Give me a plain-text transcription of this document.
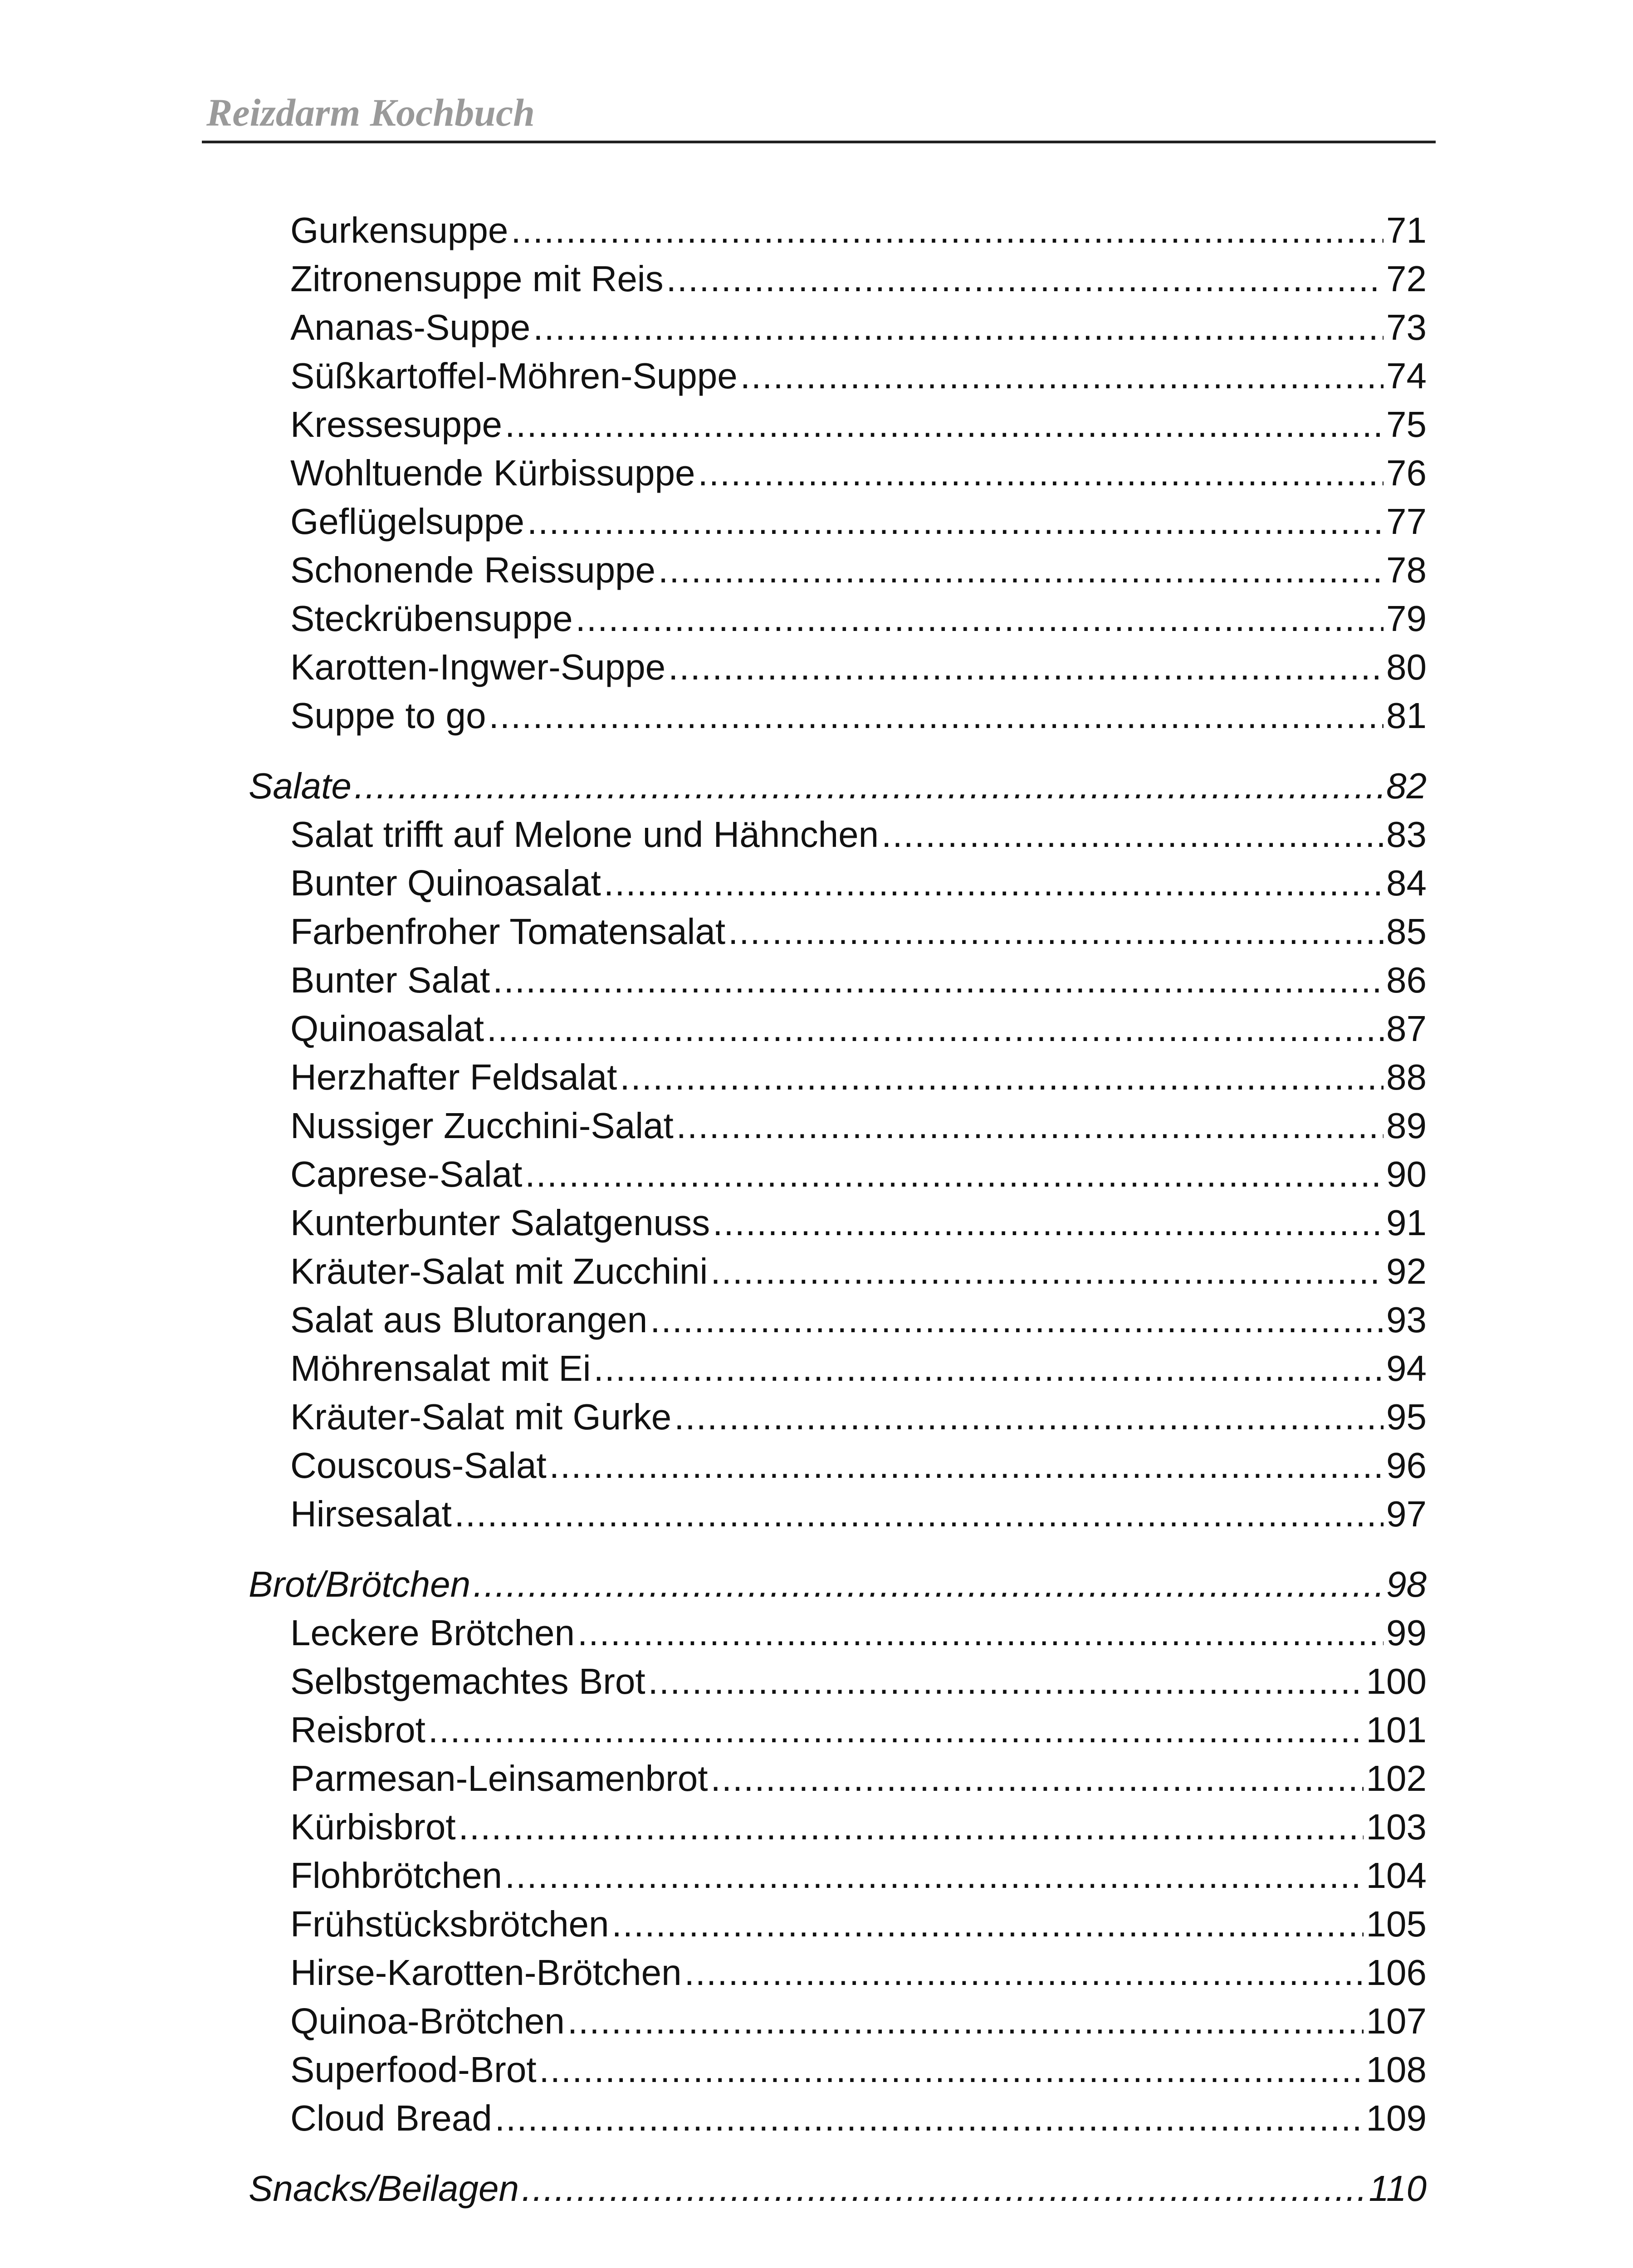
Reizdarm Kochbuch
Gurkensuppe .....	71
Zitronensuppe mit Reis .....	72
Ananas-Suppe .....	73
Süßkartoffel-Möhren-Suppe .....	74
Kressesuppe .....	75
Wohltuende Kürbissuppe .....	76
Geflügelsuppe .....	77
Schonende Reissuppe .....	78
Steckrübensuppe .....	79
Karotten-Ingwer-Suppe .....	80
Suppe to go .....	81
Salate .....	82
Salat trifft auf Melone und Hähnchen .....	83
Bunter Quinoasalat .....	84
Farbenfroher Tomatensalat .....	85
Bunter Salat .....	86
Quinoasalat .....	87
Herzhafter Feldsalat .....	88
Nussiger Zucchini-Salat .....	89
Caprese-Salat .....	90
Kunterbunter Salatgenuss .....	91
Kräuter-Salat mit Zucchini .....	92
Salat aus Blutorangen .....	93
Möhrensalat mit Ei .....	94
Kräuter-Salat mit Gurke .....	95
Couscous-Salat .....	96
Hirsesalat .....	97
Brot/Brötchen .....	98
Leckere Brötchen .....	99
Selbstgemachtes Brot .....	100
Reisbrot .....	101
Parmesan-Leinsamenbrot .....	102
Kürbisbrot .....	103
Flohbrötchen .....	104
Frühstücksbrötchen .....	105
Hirse-Karotten-Brötchen .....	106
Quinoa-Brötchen .....	107
Superfood-Brot .....	108
Cloud Bread .....	109
Snacks/Beilagen .....	110
